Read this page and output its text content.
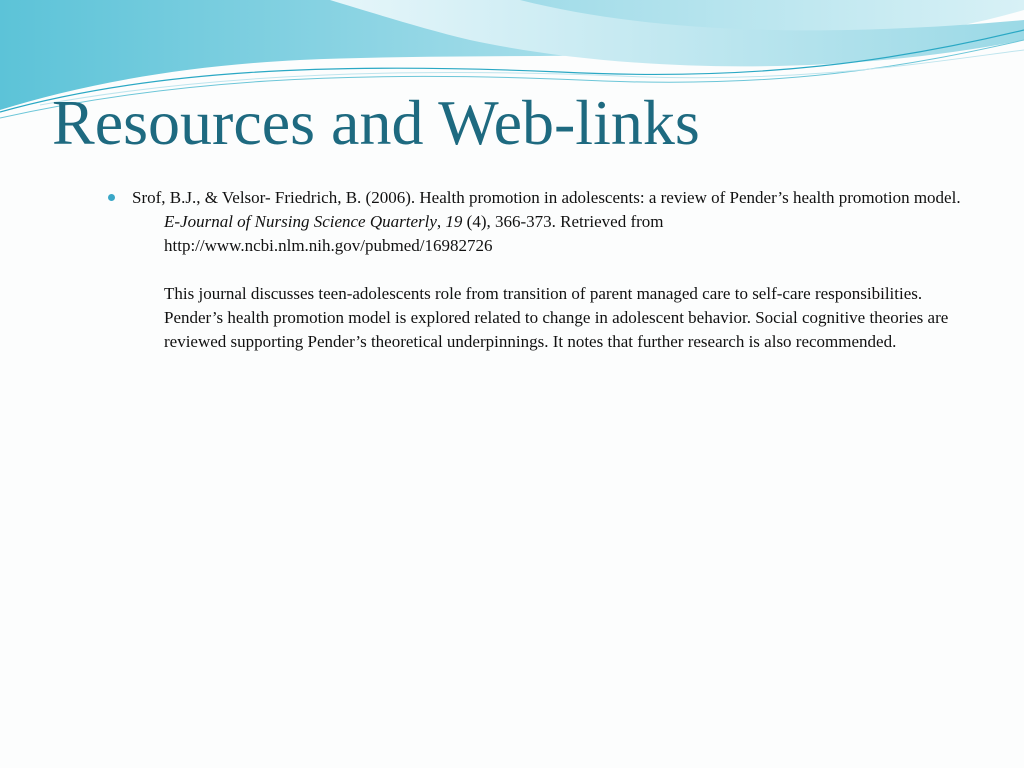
Resources and Web-links
Srof, B.J., & Velsor- Friedrich, B. (2006). Health promotion in adolescents: a review of Pender’s health promotion model. E-Journal of Nursing Science Quarterly, 19 (4), 366-373. Retrieved from http://www.ncbi.nlm.nih.gov/pubmed/16982726
This journal discusses teen-adolescents role from transition of parent managed care to self-care responsibilities. Pender’s health promotion model is explored related to change in adolescent behavior. Social cognitive theories are reviewed supporting Pender’s theoretical underpinnings. It notes that further research is also recommended.
